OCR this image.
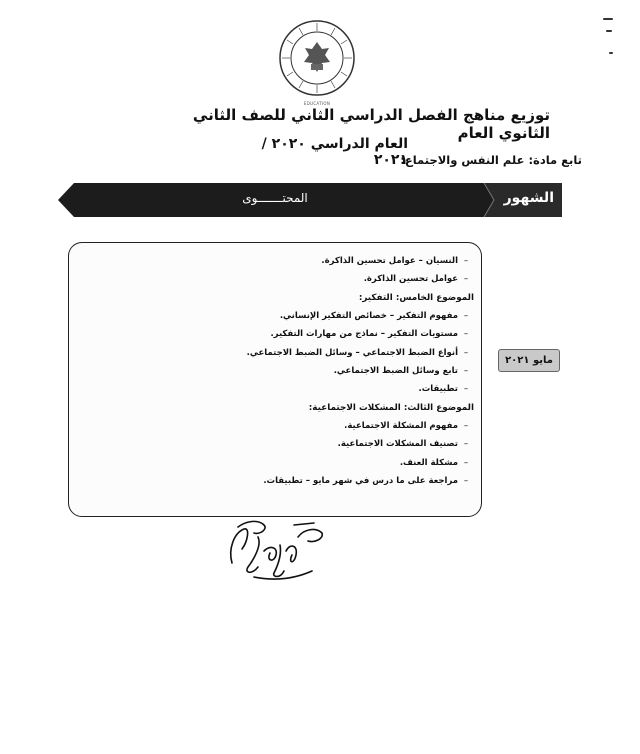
EDUCATION
توزيع مناهج الفصل الدراسي الثاني للصف الثاني الثانوي العام
العام الدراسي ٢٠٢٠ / ٢٠٢١
تابع مادة: علم النفس والاجتماع:
الشهور
المحتـــــــوى
–النسيان – عوامل تحسين الذاكرة.
–عوامل تحسين الذاكرة.
الموضوع الخامس: التفكير:
–مفهوم التفكير – خصائص التفكير الإنساني.
–مستويات التفكير – نماذج من مهارات التفكير.
–أنواع الضبط الاجتماعي – وسائل الضبط الاجتماعي.
–تابع وسائل الضبط الاجتماعي.
–تطبيقات.
الموضوع الثالث: المشكلات الاجتماعية:
–مفهوم المشكلة الاجتماعية.
–تصنيف المشكلات الاجتماعية.
–مشكلة العنف.
–مراجعة على ما درس في شهر مايو – تطبيقات.
مايو ٢٠٢١
